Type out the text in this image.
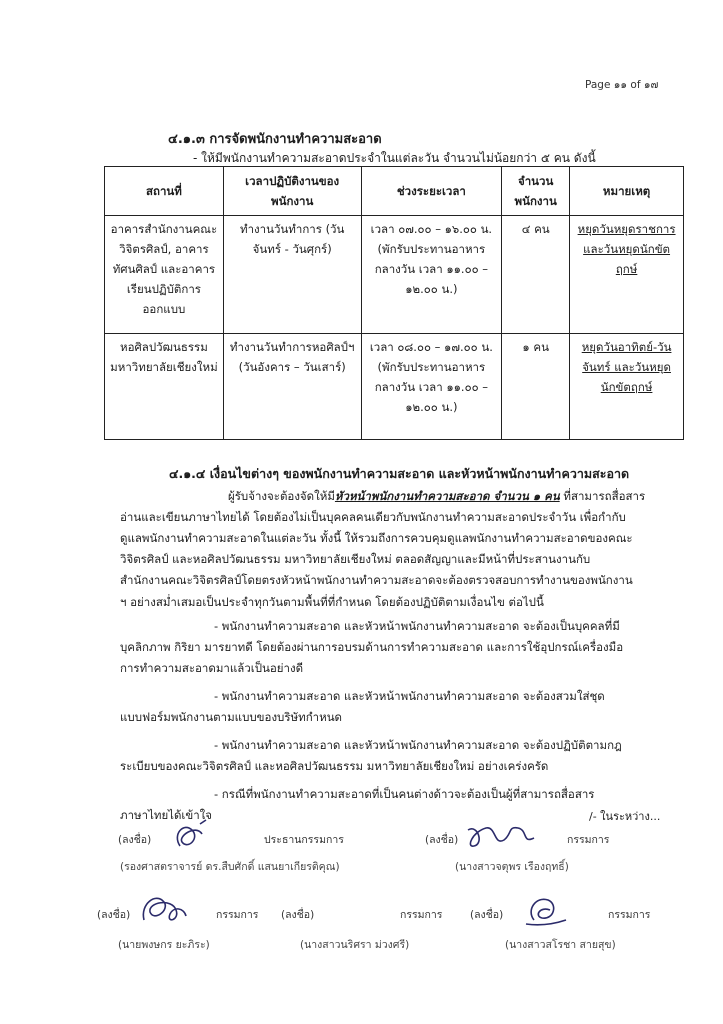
Page ๑๑ of ๑๗
๔.๑.๓ การจัดพนักงานทำความสะอาด
- ให้มีพนักงานทำความสะอาดประจำในแต่ละวัน จำนวนไม่น้อยกว่า ๕ คน ดังนี้
สถานที่	เวลาปฏิบัติงานของพนักงาน	ช่วงระยะเวลา	จำนวนพนักงาน	หมายเหตุ
อาคารสำนักงานคณะวิจิตรศิลป์, อาคารทัศนศิลป์ และอาคารเรียนปฏิบัติการออกแบบ	ทำงานวันทำการ (วันจันทร์ - วันศุกร์)	เวลา ๐๗.๐๐ – ๑๖.๐๐ น. (พักรับประทานอาหารกลางวัน เวลา ๑๑.๐๐ – ๑๒.๐๐ น.)	๔ คน	หยุดวันหยุดราชการและวันหยุดนักขัตฤกษ์
หอศิลปวัฒนธรรม มหาวิทยาลัยเชียงใหม่	ทำงานวันทำการหอศิลป์ฯ (วันอังคาร – วันเสาร์)	เวลา ๐๘.๐๐ – ๑๗.๐๐ น. (พักรับประทานอาหารกลางวัน เวลา ๑๑.๐๐ – ๑๒.๐๐ น.)	๑ คน	หยุดวันอาทิตย์-วันจันทร์ และวันหยุดนักขัตฤกษ์
๔.๑.๔ เงื่อนไขต่างๆ ของพนักงานทำความสะอาด และหัวหน้าพนักงานทำความสะอาด
ผู้รับจ้างจะต้องจัดให้มีหัวหน้าพนักงานทำความสะอาด จำนวน ๑ คน ที่สามารถสื่อสาร
อ่านและเขียนภาษาไทยได้ โดยต้องไม่เป็นบุคคลคนเดียวกับพนักงานทำความสะอาดประจำวัน เพื่อกำกับ
ดูแลพนักงานทำความสะอาดในแต่ละวัน ทั้งนี้ ให้รวมถึงการควบคุมดูแลพนักงานทำความสะอาดของคณะ
วิจิตรศิลป์ และหอศิลปวัฒนธรรม มหาวิทยาลัยเชียงใหม่ ตลอดสัญญาและมีหน้าที่ประสานงานกับ
สำนักงานคณะวิจิตรศิลป์โดยตรงหัวหน้าพนักงานทำความสะอาดจะต้องตรวจสอบการทำงานของพนักงาน
ฯ อย่างสม่ำเสมอเป็นประจำทุกวันตามพื้นที่ที่กำหนด โดยต้องปฏิบัติตามเงื่อนไข ต่อไปนี้
- พนักงานทำความสะอาด และหัวหน้าพนักงานทำความสะอาด จะต้องเป็นบุคคลที่มี
บุคลิกภาพ กิริยา มารยาทดี โดยต้องผ่านการอบรมด้านการทำความสะอาด และการใช้อุปกรณ์เครื่องมือ
การทำความสะอาดมาแล้วเป็นอย่างดี
- พนักงานทำความสะอาด และหัวหน้าพนักงานทำความสะอาด จะต้องสวมใส่ชุด
แบบฟอร์มพนักงานตามแบบของบริษัทกำหนด
- พนักงานทำความสะอาด และหัวหน้าพนักงานทำความสะอาด จะต้องปฏิบัติตามกฎ
ระเบียบของคณะวิจิตรศิลป์ และหอศิลปวัฒนธรรม มหาวิทยาลัยเชียงใหม่ อย่างเคร่งครัด
- กรณีที่พนักงานทำความสะอาดที่เป็นคนต่างด้าวจะต้องเป็นผู้ที่สามารถสื่อสาร
ภาษาไทยได้เข้าใจ	/- ในระหว่าง...
(ลงชื่อ)	ประธานกรรมการ	(ลงชื่อ)	กรรมการ
(รองศาสตราจารย์ ดร.สืบศักดิ์ แสนยาเกียรติคุณ)	(นางสาวจตุพร เรืองฤทธิ์)
(ลงชื่อ)	กรรมการ (ลงชื่อ)	กรรมการ	(ลงชื่อ)	กรรมการ
(นายพงษกร ยะภิระ)	(นางสาวนริศรา ม่วงศรี)	(นางสาวสโรชา สายสุข)
